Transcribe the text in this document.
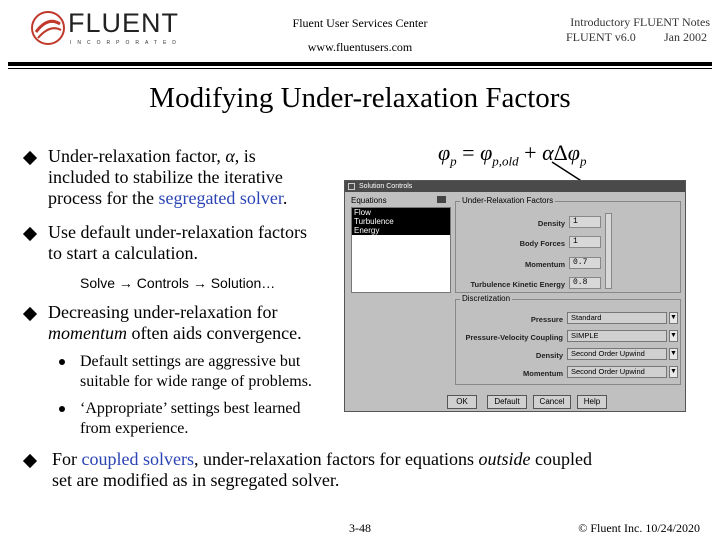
FLUENT
INCORPORATED
Fluent User Services Center
www.fluentusers.com
Introductory FLUENT Notes
FLUENT v6.0 Jan 2002
Modifying Under-relaxation Factors
Under-relaxation factor, α, is
included to stabilize the iterative
process for the segregated solver.
Use default under-relaxation factors
to start a calculation.
Solve → Controls → Solution…
Decreasing under-relaxation for
momentum often aids convergence.
Default settings are aggressive but
suitable for wide range of problems.
‘Appropriate’ settings best learned
from experience.
For coupled solvers, under-relaxation factors for equations outside coupled
set are modified as in segregated solver.
$\varphi_p = \varphi_{p,old} + \alpha\Delta\varphi_p$
Solution Controls
Equations
Flow
Turbulence
Energy
Under-Relaxation Factors
Density	1
Body Forces	1
Momentum	0.7
Turbulence Kinetic Energy	0.8
Discretization
Pressure	Standard	▼
Pressure-Velocity Coupling	SIMPLE	▼
Density	Second Order Upwind	▼
Momentum	Second Order Upwind	▼
OK	Default	Cancel	Help
3-48	© Fluent Inc. 10/24/2020
